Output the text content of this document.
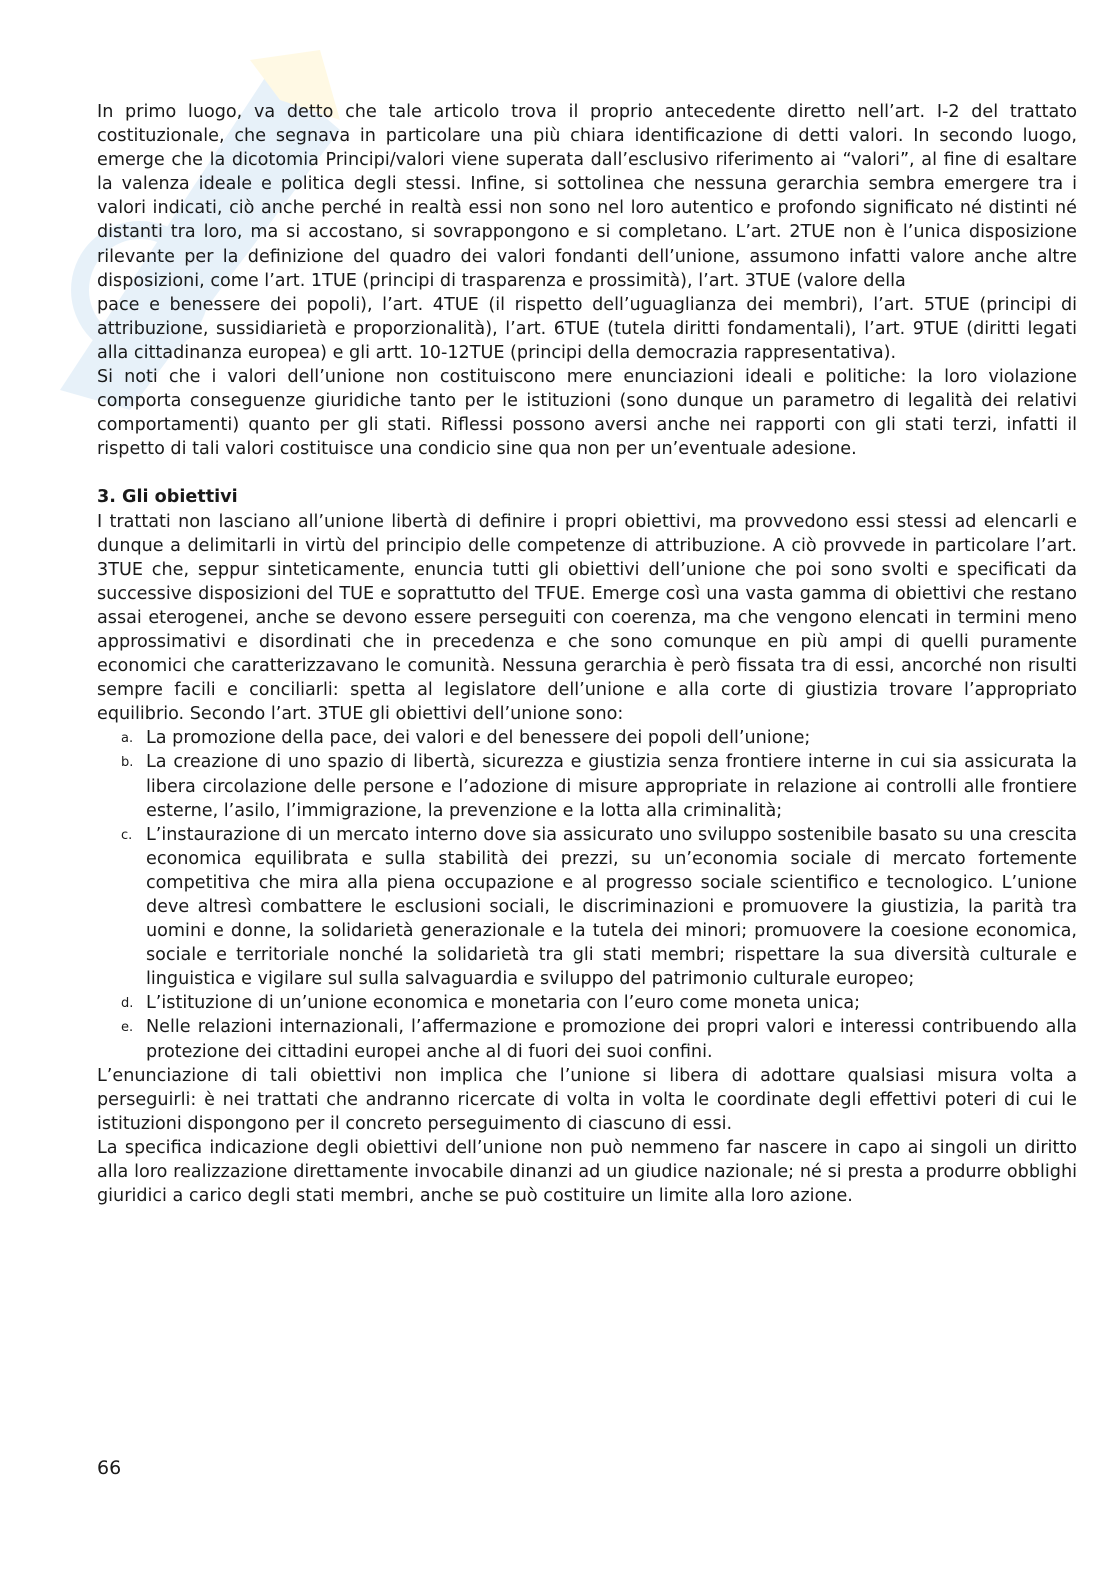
In primo luogo, va detto che tale articolo trova il proprio antecedente diretto nell’art. I-2 del trattato costituzionale, che segnava in particolare una più chiara identificazione di detti valori. In secondo luogo, emerge che la dicotomia Principi/valori viene superata dall’esclusivo riferimento ai “valori”, al fine di esaltare la valenza ideale e politica degli stessi. Infine, si sottolinea che nessuna gerarchia sembra emergere tra i valori indicati, ciò anche perché in realtà essi non sono nel loro autentico e profondo significato né distinti né distanti tra loro, ma si accostano, si sovrappongono e si completano. L’art. 2TUE non è l’unica disposizione rilevante per la definizione del quadro dei valori fondanti dell’unione, assumono infatti valore anche altre disposizioni, come l’art. 1TUE (principi di trasparenza e prossimità), l’art. 3TUE (valore della

pace e benessere dei popoli), l’art. 4TUE (il rispetto dell’uguaglianza dei membri), l’art. 5TUE (principi di attribuzione, sussidiarietà e proporzionalità), l’art. 6TUE (tutela diritti fondamentali), l’art. 9TUE (diritti legati alla cittadinanza europea) e gli artt. 10-12TUE (principi della democrazia rappresentativa).

Si noti che i valori dell’unione non costituiscono mere enunciazioni ideali e politiche: la loro violazione comporta conseguenze giuridiche tanto per le istituzioni (sono dunque un parametro di legalità dei relativi comportamenti) quanto per gli stati. Riflessi possono aversi anche nei rapporti con gli stati terzi, infatti il rispetto di tali valori costituisce una condicio sine qua non per un’eventuale adesione.

3. Gli obiettivi

I trattati non lasciano all’unione libertà di definire i propri obiettivi, ma provvedono essi stessi ad elencarli e dunque a delimitarli in virtù del principio delle competenze di attribuzione. A ciò provvede in particolare l’art. 3TUE che, seppur sinteticamente, enuncia tutti gli obiettivi dell’unione che poi sono svolti e specificati da successive disposizioni del TUE e soprattutto del TFUE. Emerge così una vasta gamma di obiettivi che restano assai eterogenei, anche se devono essere perseguiti con coerenza, ma che vengono elencati in termini meno approssimativi e disordinati che in precedenza e che sono comunque en più ampi di quelli puramente economici che caratterizzavano le comunità. Nessuna gerarchia è però fissata tra di essi, ancorché non risulti sempre facili e conciliarli: spetta al legislatore dell’unione e alla corte di giustizia trovare l’appropriato equilibrio. Secondo l’art. 3TUE gli obiettivi dell’unione sono:

a. La promozione della pace, dei valori e del benessere dei popoli dell’unione;
b. La creazione di uno spazio di libertà, sicurezza e giustizia senza frontiere interne in cui sia assicurata la libera circolazione delle persone e l’adozione di misure appropriate in relazione ai controlli alle frontiere esterne, l’asilo, l’immigrazione, la prevenzione e la lotta alla criminalità;
c. L’instaurazione di un mercato interno dove sia assicurato uno sviluppo sostenibile basato su una crescita economica equilibrata e sulla stabilità dei prezzi, su un’economia sociale di mercato fortemente competitiva che mira alla piena occupazione e al progresso sociale scientifico e tecnologico. L’unione deve altresì combattere le esclusioni sociali, le discriminazioni e promuovere la giustizia, la parità tra uomini e donne, la solidarietà generazionale e la tutela dei minori; promuovere la coesione economica, sociale e territoriale nonché la solidarietà tra gli stati membri; rispettare la sua diversità culturale e linguistica e vigilare sul sulla salvaguardia e sviluppo del patrimonio culturale europeo;
d. L’istituzione di un’unione economica e monetaria con l’euro come moneta unica;
e. Nelle relazioni internazionali, l’affermazione e promozione dei propri valori e interessi contribuendo alla protezione dei cittadini europei anche al di fuori dei suoi confini.

L’enunciazione di tali obiettivi non implica che l’unione si libera di adottare qualsiasi misura volta a perseguirli: è nei trattati che andranno ricercate di volta in volta le coordinate degli effettivi poteri di cui le istituzioni dispongono per il concreto perseguimento di ciascuno di essi.

La specifica indicazione degli obiettivi dell’unione non può nemmeno far nascere in capo ai singoli un diritto alla loro realizzazione direttamente invocabile dinanzi ad un giudice nazionale; né si presta a produrre obblighi giuridici a carico degli stati membri, anche se può costituire un limite alla loro azione.

66
